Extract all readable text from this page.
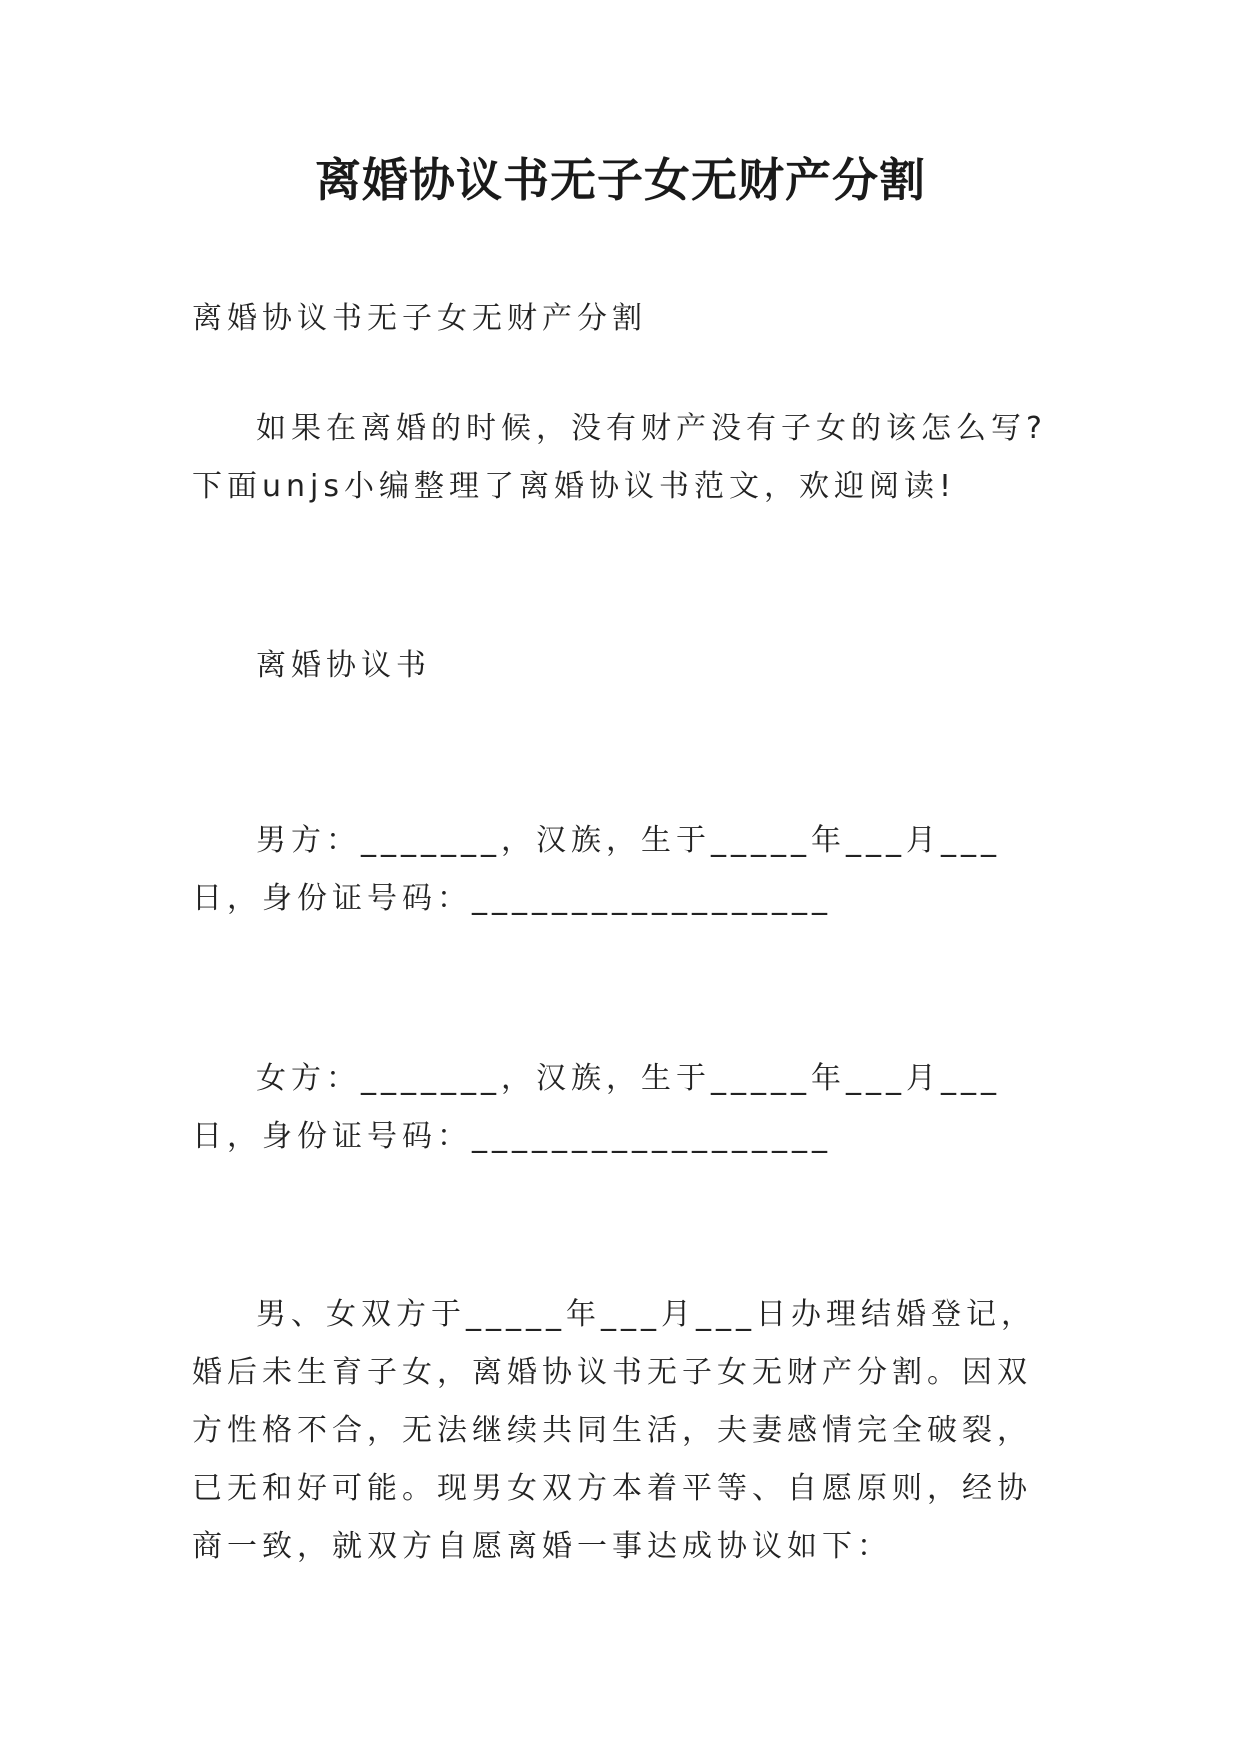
离婚协议书无子女无财产分割
离婚协议书无子女无财产分割
如果在离婚的时候，没有财产没有子女的该怎么写?下面unjs小编整理了离婚协议书范文，欢迎阅读!
离婚协议书
男方：_______，汉族，生于_____年___月___日，身份证号码：__________________
女方：_______，汉族，生于_____年___月___日，身份证号码：__________________
男、女双方于_____年___月___日办理结婚登记，婚后未生育子女，离婚协议书无子女无财产分割。因双方性格不合，无法继续共同生活，夫妻感情完全破裂，已无和好可能。现男女双方本着平等、自愿原则，经协商一致，就双方自愿离婚一事达成协议如下：
